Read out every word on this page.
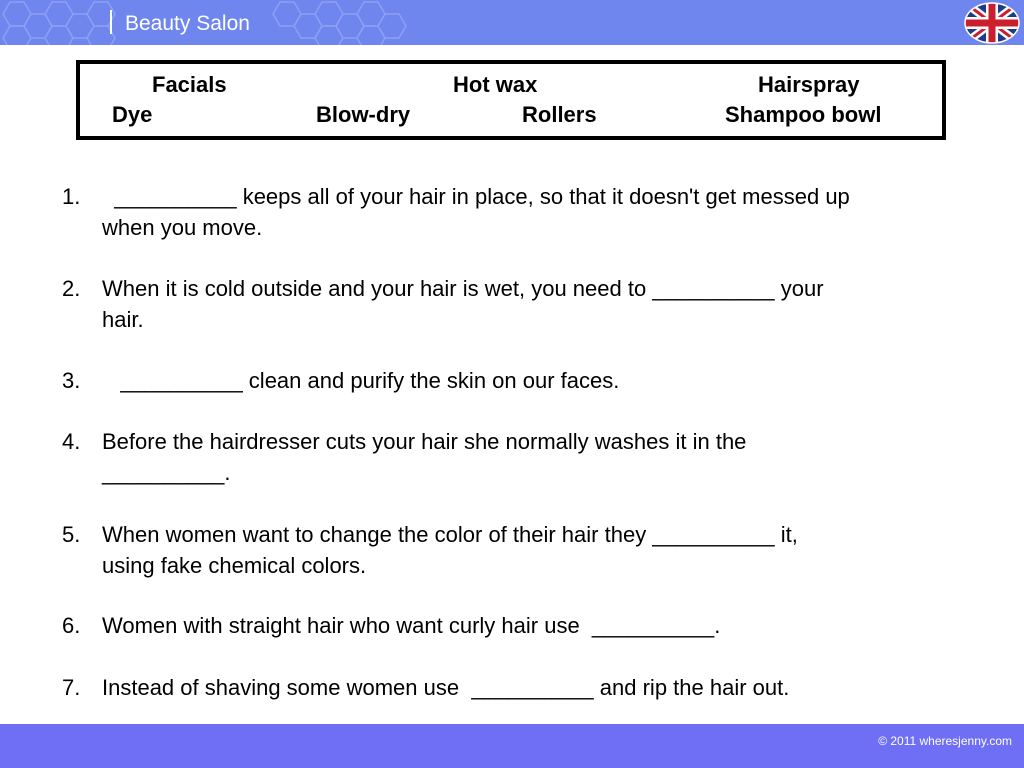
Beauty Salon
Facials	Hot wax	Hairspray
Dye	Blow-dry	Rollers	Shampoo bowl
1. __________ keeps all of your hair in place, so that it doesn't get messed up
when you move.
2. When it is cold outside and your hair is wet, you need to __________ your
hair.
3. __________ clean and purify the skin on our faces.
4. Before the hairdresser cuts your hair she normally washes it in the
__________.
5. When women want to change the color of their hair they __________ it,
using fake chemical colors.
6. Women with straight hair who want curly hair use  __________.
7. Instead of shaving some women use  __________ and rip the hair out.
© 2011 wheresjenny.com
